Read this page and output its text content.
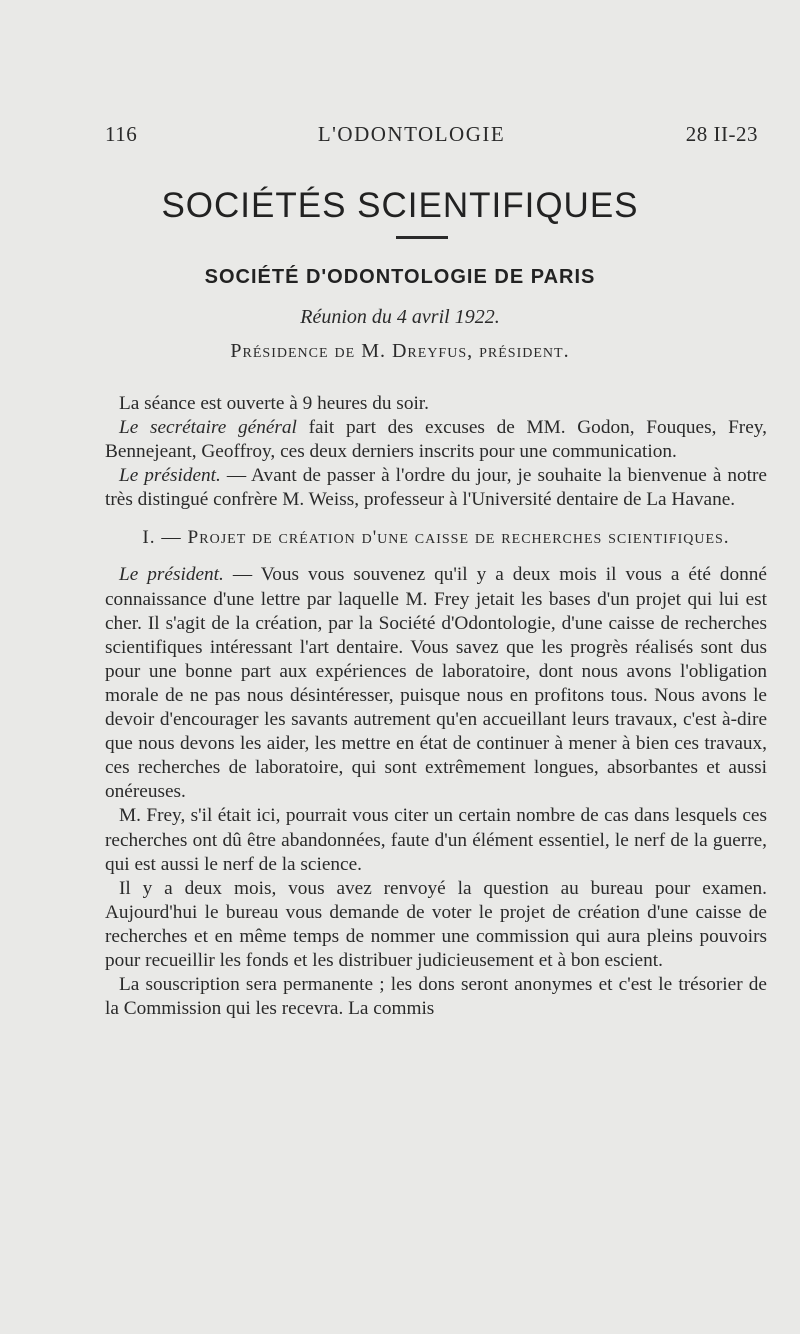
116	L'ODONTOLOGIE	28 II-23
SOCIÉTÉS SCIENTIFIQUES
SOCIÉTÉ D'ODONTOLOGIE DE PARIS
Réunion du 4 avril 1922.
Présidence de M. Dreyfus, président.

La séance est ouverte à 9 heures du soir.

Le secrétaire général fait part des excuses de MM. Godon, Fouques, Frey, Bennejeant, Geoffroy, ces deux derniers inscrits pour une communication.

Le président. — Avant de passer à l'ordre du jour, je souhaite la bienvenue à notre très distingué confrère M. Weiss, professeur à l'Université dentaire de La Havane.

I. — Projet de création d'une caisse de recherches scientifiques.

Le président. — Vous vous souvenez qu'il y a deux mois il vous a été donné connaissance d'une lettre par laquelle M. Frey jetait les bases d'un projet qui lui est cher. Il s'agit de la création, par la Société d'Odontologie, d'une caisse de recherches scientifiques intéressant l'art dentaire. Vous savez que les progrès réalisés sont dus pour une bonne part aux expériences de laboratoire, dont nous avons l'obligation morale de ne pas nous désintéresser, puisque nous en profitons tous. Nous avons le devoir d'encourager les savants autrement qu'en accueillant leurs travaux, c'est à-dire que nous devons les aider, les mettre en état de continuer à mener à bien ces travaux, ces recherches de laboratoire, qui sont extrêmement longues, absorbantes et aussi onéreuses.

M. Frey, s'il était ici, pourrait vous citer un certain nombre de cas dans lesquels ces recherches ont dû être abandonnées, faute d'un élément essentiel, le nerf de la guerre, qui est aussi le nerf de la science.

Il y a deux mois, vous avez renvoyé la question au bureau pour examen. Aujourd'hui le bureau vous demande de voter le projet de création d'une caisse de recherches et en même temps de nommer une commission qui aura pleins pouvoirs pour recueillir les fonds et les distribuer judicieusement et à bon escient.

La souscription sera permanente ; les dons seront anonymes et c'est le trésorier de la Commission qui les recevra. La commis
